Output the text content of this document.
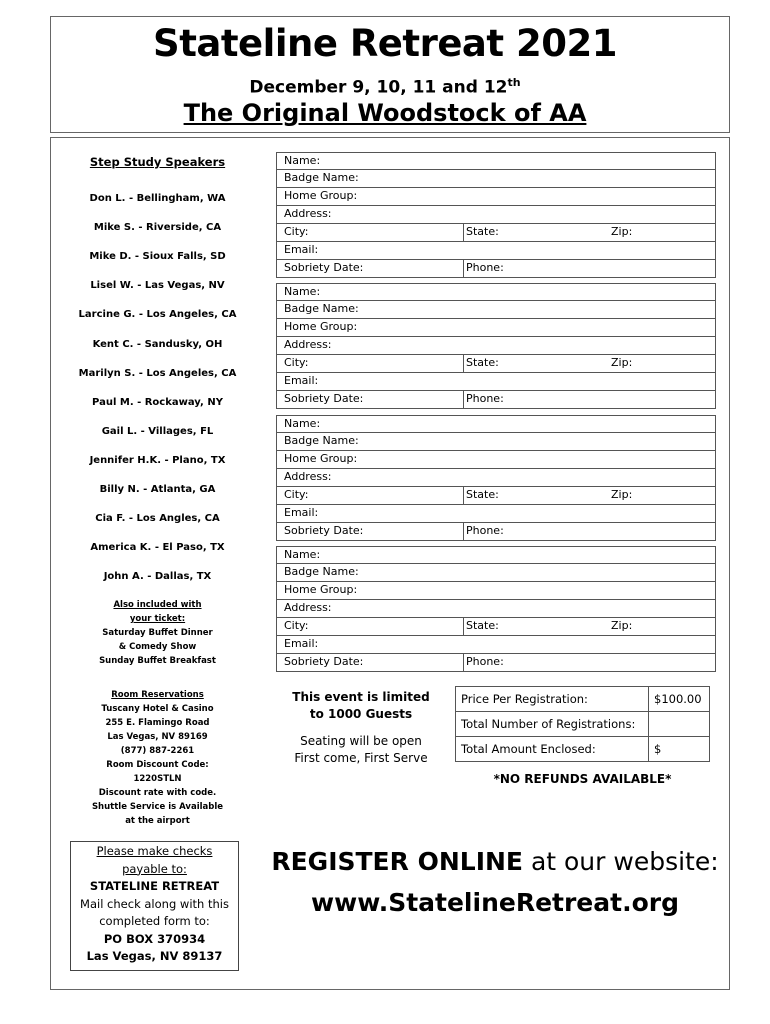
Stateline Retreat 2021
December 9, 10, 11 and 12th
The Original Woodstock of AA
Step Study Speakers
Don L. - Bellingham, WA
Mike S. - Riverside, CA
Mike D. - Sioux Falls, SD
Lisel W. - Las Vegas, NV
Larcine G. - Los Angeles, CA
Kent C. - Sandusky, OH
Marilyn S. - Los Angeles, CA
Paul M. - Rockaway, NY
Gail L. - Villages, FL
Jennifer H.K. - Plano, TX
Billy N. - Atlanta, GA
Cia F. - Los Angles, CA
America K. - El Paso, TX
John A. - Dallas, TX
Name:
Badge Name:
Home Group:
Address:
City:	State:	Zip:
Email:
Sobriety Date:	Phone:
Name:
Badge Name:
Home Group:
Address:
City:	State:	Zip:
Email:
Sobriety Date:	Phone:
Name:
Badge Name:
Home Group:
Address:
City:	State:	Zip:
Email:
Sobriety Date:	Phone:
Name:
Badge Name:
Home Group:
Address:
City:	State:	Zip:
Email:
Sobriety Date:	Phone:
Also included with
your ticket:
Saturday Buffet Dinner
& Comedy Show
Sunday Buffet Breakfast
Room Reservations
Tuscany Hotel & Casino
255 E. Flamingo Road
Las Vegas, NV 89169
(877) 887-2261
Room Discount Code:
1220STLN
Discount rate with code.
Shuttle Service is Available
at the airport
Please make checks
payable to:
STATELINE RETREAT
Mail check along with this
completed form to:
PO BOX 370934
Las Vegas, NV 89137
This event is limited
to 1000 Guests
Seating will be open
First come, First Serve
Price Per Registration:	$100.00
Total Number of Registrations:	
Total Amount Enclosed:	$
*NO REFUNDS AVAILABLE*
REGISTER ONLINE at our website:
www.StatelineRetreat.org
